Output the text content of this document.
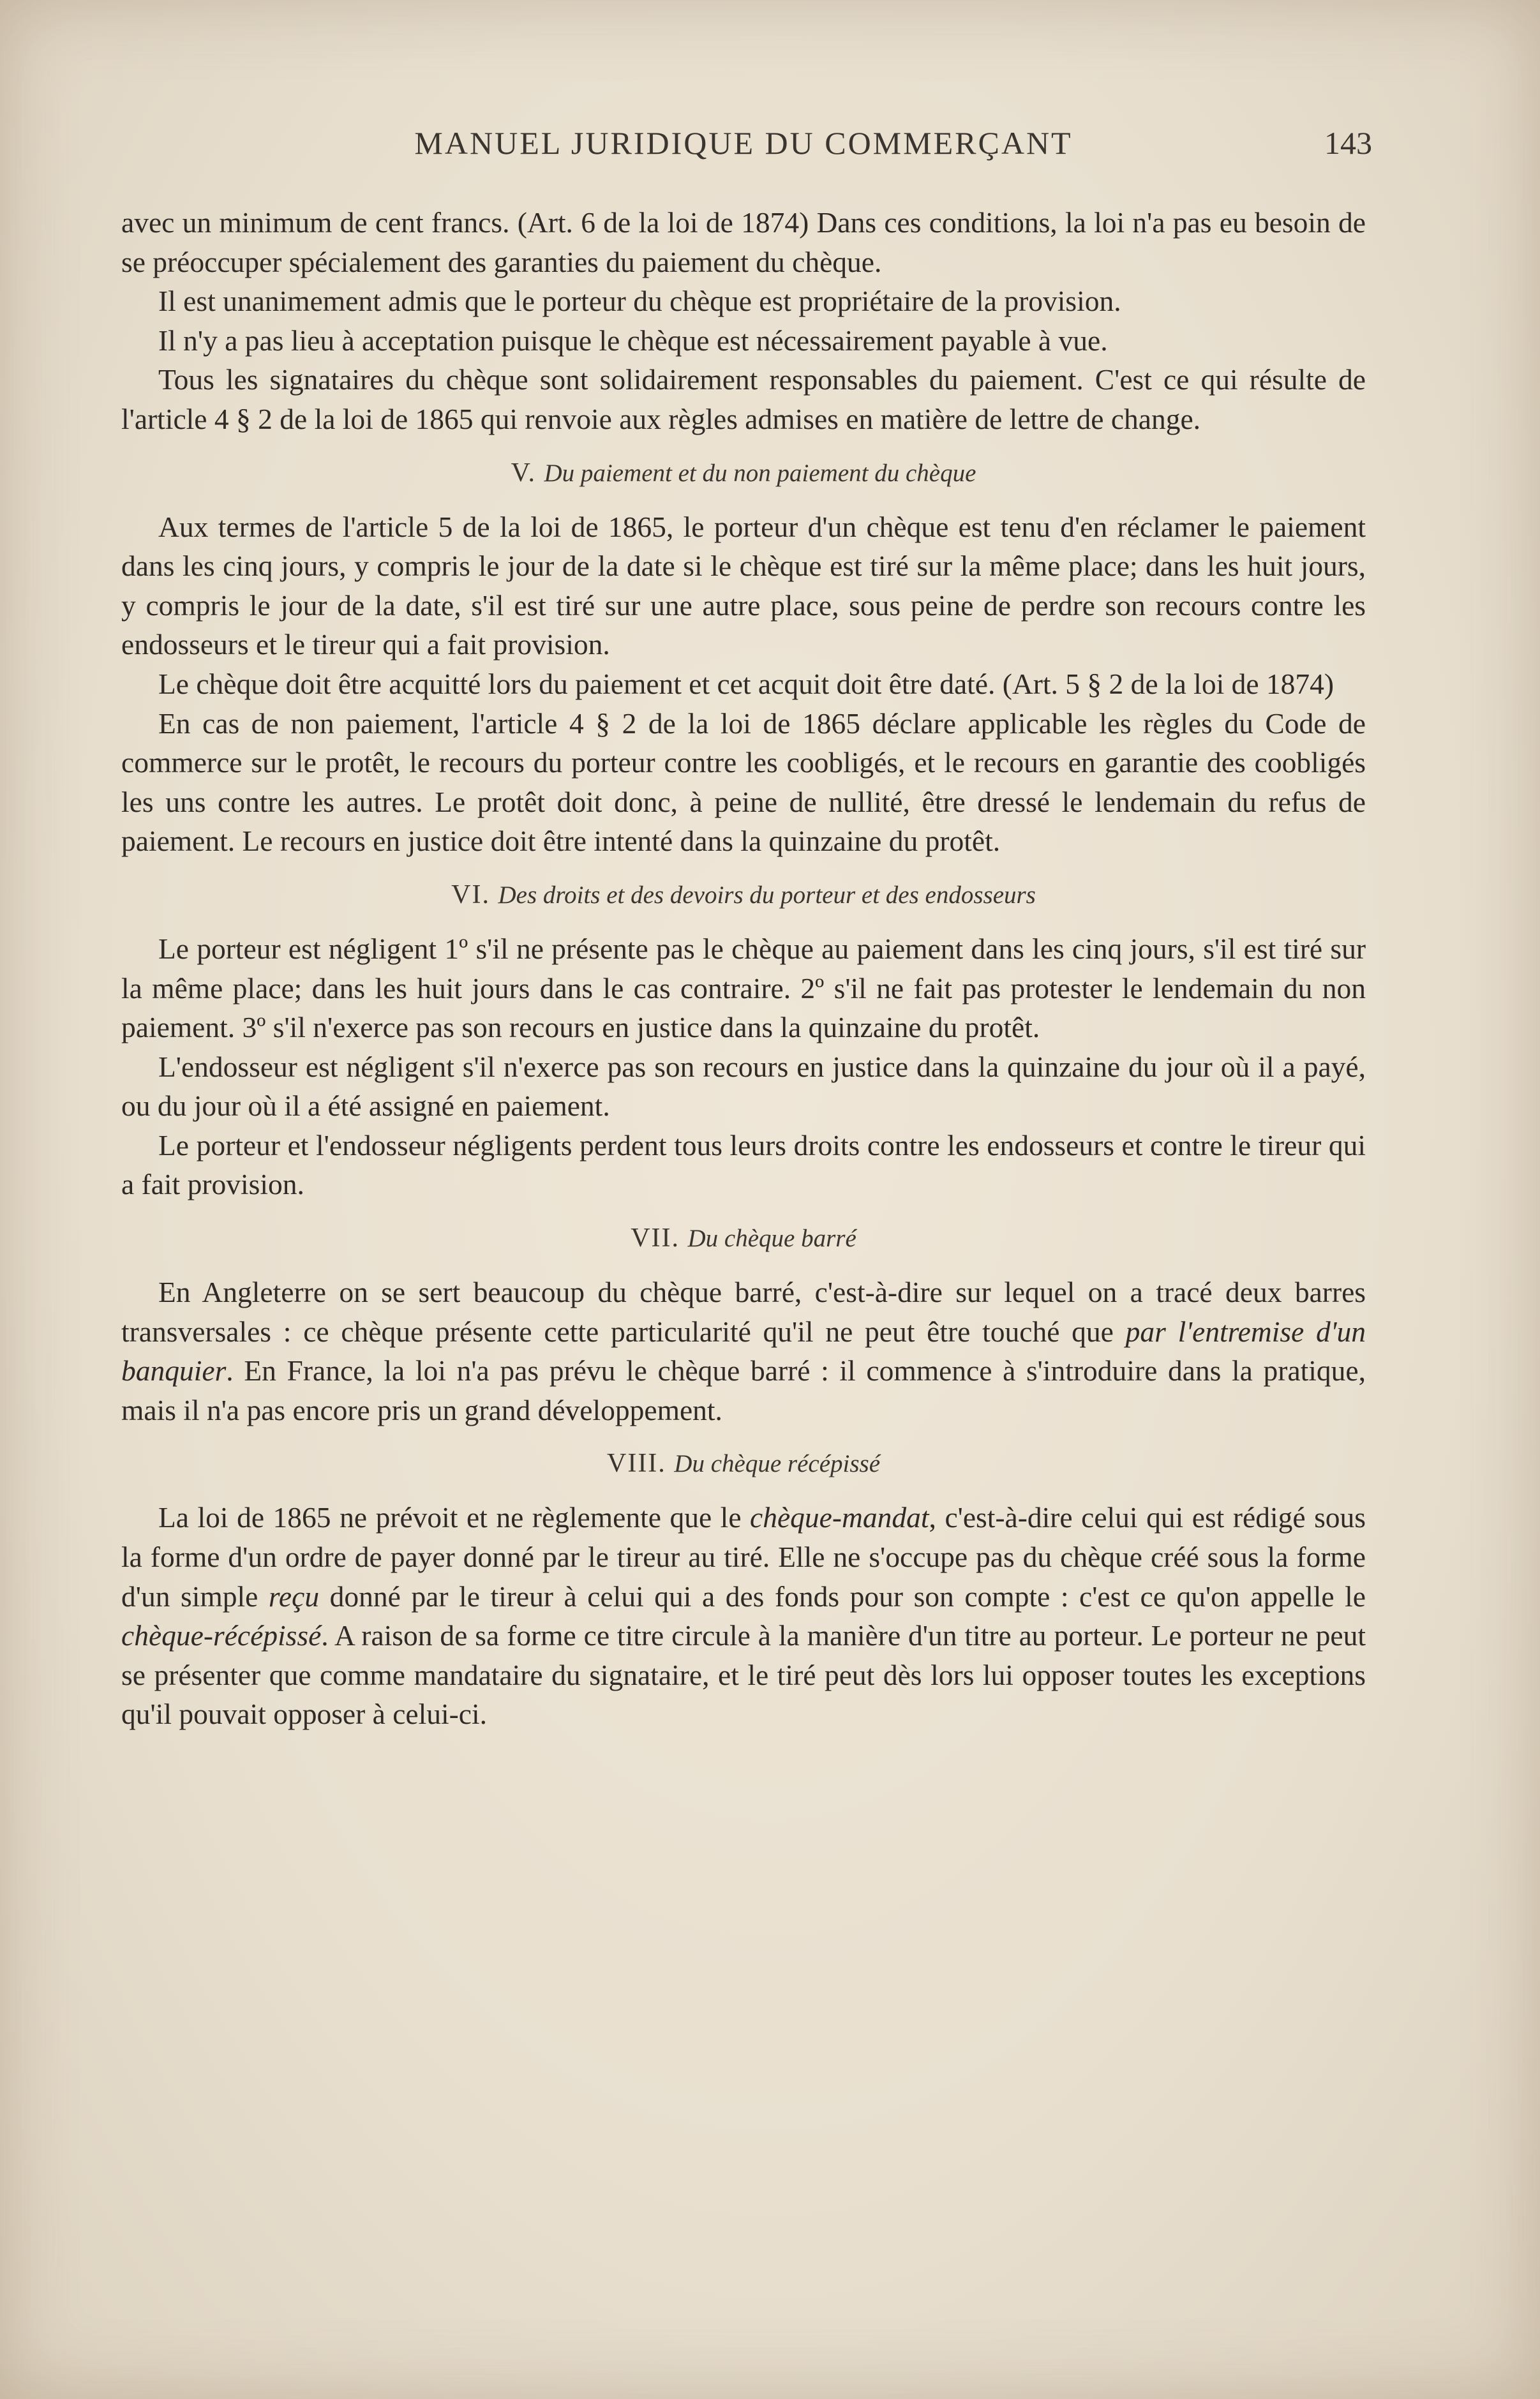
MANUEL JURIDIQUE DU COMMERÇANT	143

avec un minimum de cent francs. (Art. 6 de la loi de 1874) Dans ces conditions, la loi n'a pas eu besoin de se préoccuper spécialement des garanties du paiement du chèque.

Il est unanimement admis que le porteur du chèque est propriétaire de la provision.

Il n'y a pas lieu à acceptation puisque le chèque est nécessairement payable à vue.

Tous les signataires du chèque sont solidairement responsables du paiement. C'est ce qui résulte de l'article 4 § 2 de la loi de 1865 qui renvoie aux règles admises en matière de lettre de change.

V. Du paiement et du non paiement du chèque

Aux termes de l'article 5 de la loi de 1865, le porteur d'un chèque est tenu d'en réclamer le paiement dans les cinq jours, y compris le jour de la date si le chèque est tiré sur la même place; dans les huit jours, y compris le jour de la date, s'il est tiré sur une autre place, sous peine de perdre son recours contre les endosseurs et le tireur qui a fait provision.

Le chèque doit être acquitté lors du paiement et cet acquit doit être daté. (Art. 5 § 2 de la loi de 1874)

En cas de non paiement, l'article 4 § 2 de la loi de 1865 déclare applicable les règles du Code de commerce sur le protêt, le recours du porteur contre les coobligés, et le recours en garantie des coobligés les uns contre les autres. Le protêt doit donc, à peine de nullité, être dressé le lendemain du refus de paiement. Le recours en justice doit être intenté dans la quinzaine du protêt.

VI. Des droits et des devoirs du porteur et des endosseurs

Le porteur est négligent 1º s'il ne présente pas le chèque au paiement dans les cinq jours, s'il est tiré sur la même place; dans les huit jours dans le cas contraire. 2º s'il ne fait pas protester le lendemain du non paiement. 3º s'il n'exerce pas son recours en justice dans la quinzaine du protêt.

L'endosseur est négligent s'il n'exerce pas son recours en justice dans la quinzaine du jour où il a payé, ou du jour où il a été assigné en paiement.

Le porteur et l'endosseur négligents perdent tous leurs droits contre les endosseurs et contre le tireur qui a fait provision.

VII. Du chèque barré

En Angleterre on se sert beaucoup du chèque barré, c'est-à-dire sur lequel on a tracé deux barres transversales : ce chèque présente cette particularité qu'il ne peut être touché que par l'entremise d'un banquier. En France, la loi n'a pas prévu le chèque barré : il commence à s'introduire dans la pratique, mais il n'a pas encore pris un grand développement.

VIII. Du chèque récépissé

La loi de 1865 ne prévoit et ne règlemente que le chèque-mandat, c'est-à-dire celui qui est rédigé sous la forme d'un ordre de payer donné par le tireur au tiré. Elle ne s'occupe pas du chèque créé sous la forme d'un simple reçu donné par le tireur à celui qui a des fonds pour son compte : c'est ce qu'on appelle le chèque-récépissé. A raison de sa forme ce titre circule à la manière d'un titre au porteur. Le porteur ne peut se présenter que comme mandataire du signataire, et le tiré peut dès lors lui opposer toutes les exceptions qu'il pouvait opposer à celui-ci.
